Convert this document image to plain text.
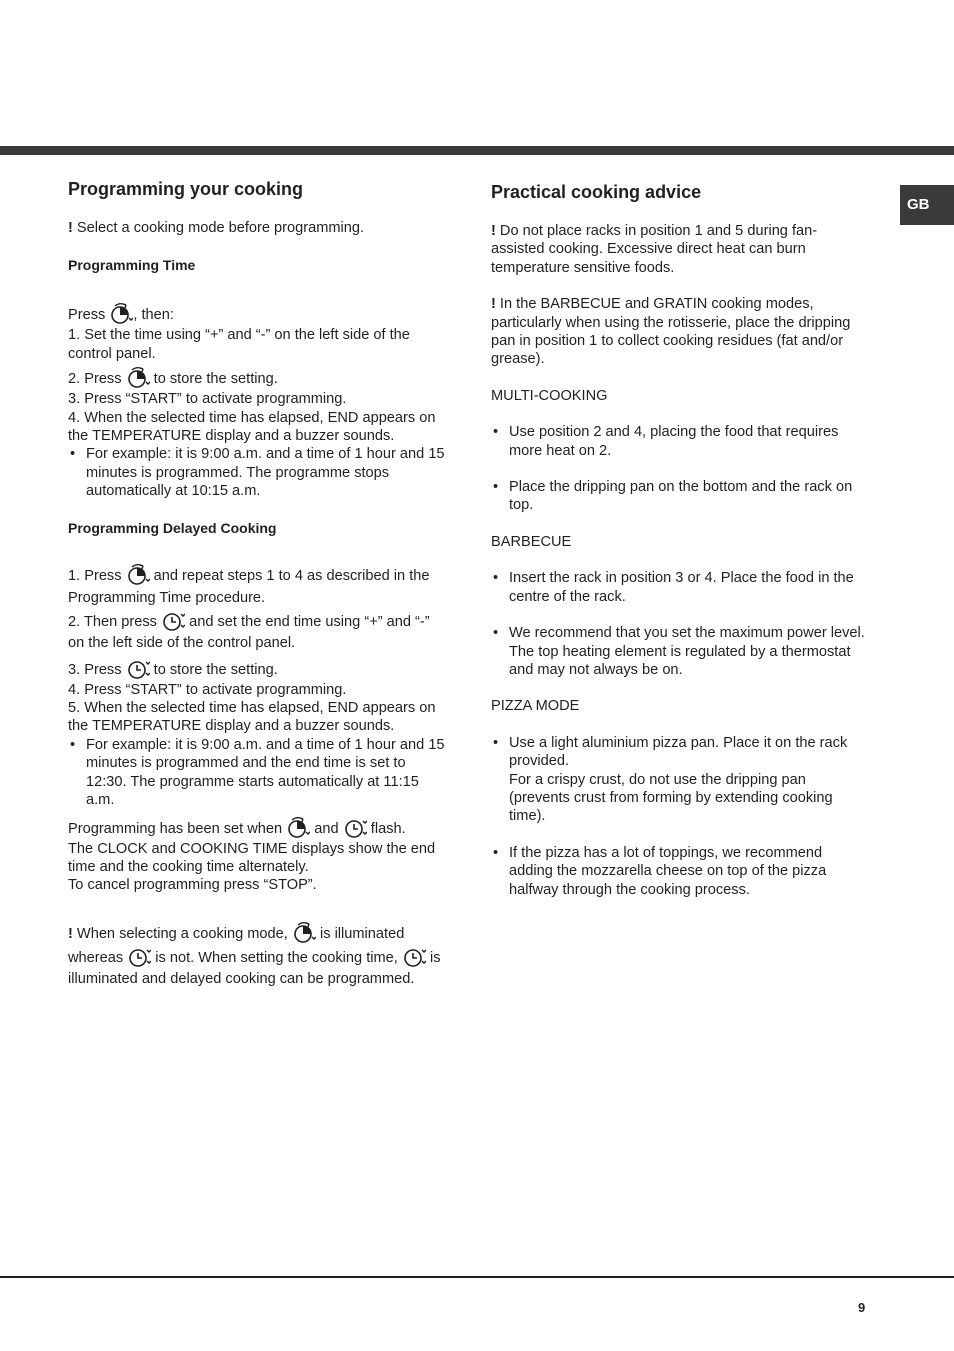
GB
Programming your cooking

! Select a cooking mode before programming.

Programming Time

Press , then:

1. Set the time using “+” and “-” on the left side of the control panel.

2. Press to store the setting.

3. Press “START” to activate programming.

4. When the selected time has elapsed, END appears on the TEMPERATURE display and a buzzer sounds.

• For example: it is 9:00 a.m. and a time of 1 hour and 15 minutes is programmed. The programme stops automatically at 10:15 a.m.

Programming Delayed Cooking

1. Press and repeat steps 1 to 4 as described in the Programming Time procedure.

2. Then press and set the end time using “+” and “-” on the left side of the control panel.

3. Press to store the setting.

4. Press “START” to activate programming.

5. When the selected time has elapsed, END appears on the TEMPERATURE display and a buzzer sounds.

• For example: it is 9:00 a.m. and a time of 1 hour and 15 minutes is programmed and the end time is set to 12:30. The programme starts automatically at 11:15 a.m.

Programming has been set when and flash.

The CLOCK and COOKING TIME displays show the end time and the cooking time alternately.

To cancel programming press “STOP”.

! When selecting a cooking mode, is illuminated whereas is not. When setting the cooking time, is illuminated and delayed cooking can be programmed.

Practical cooking advice

! Do not place racks in position 1 and 5 during fan-assisted cooking. Excessive direct heat can burn temperature sensitive foods.

! In the BARBECUE and GRATIN cooking modes, particularly when using the rotisserie, place the dripping pan in position 1 to collect cooking residues (fat and/or grease).

MULTI-COOKING

• Use position 2 and 4, placing the food that requires more heat on 2.

• Place the dripping pan on the bottom and the rack on top.

BARBECUE

• Insert the rack in position 3 or 4. Place the food in the centre of the rack.

• We recommend that you set the maximum power level. The top heating element is regulated by a thermostat and may not always be on.

PIZZA MODE

• Use a light aluminium pizza pan. Place it on the rack provided.

For a crispy crust, do not use the dripping pan (prevents crust from forming by extending cooking time).

• If the pizza has a lot of toppings, we recommend adding the mozzarella cheese on top of the pizza halfway through the cooking process.

9
